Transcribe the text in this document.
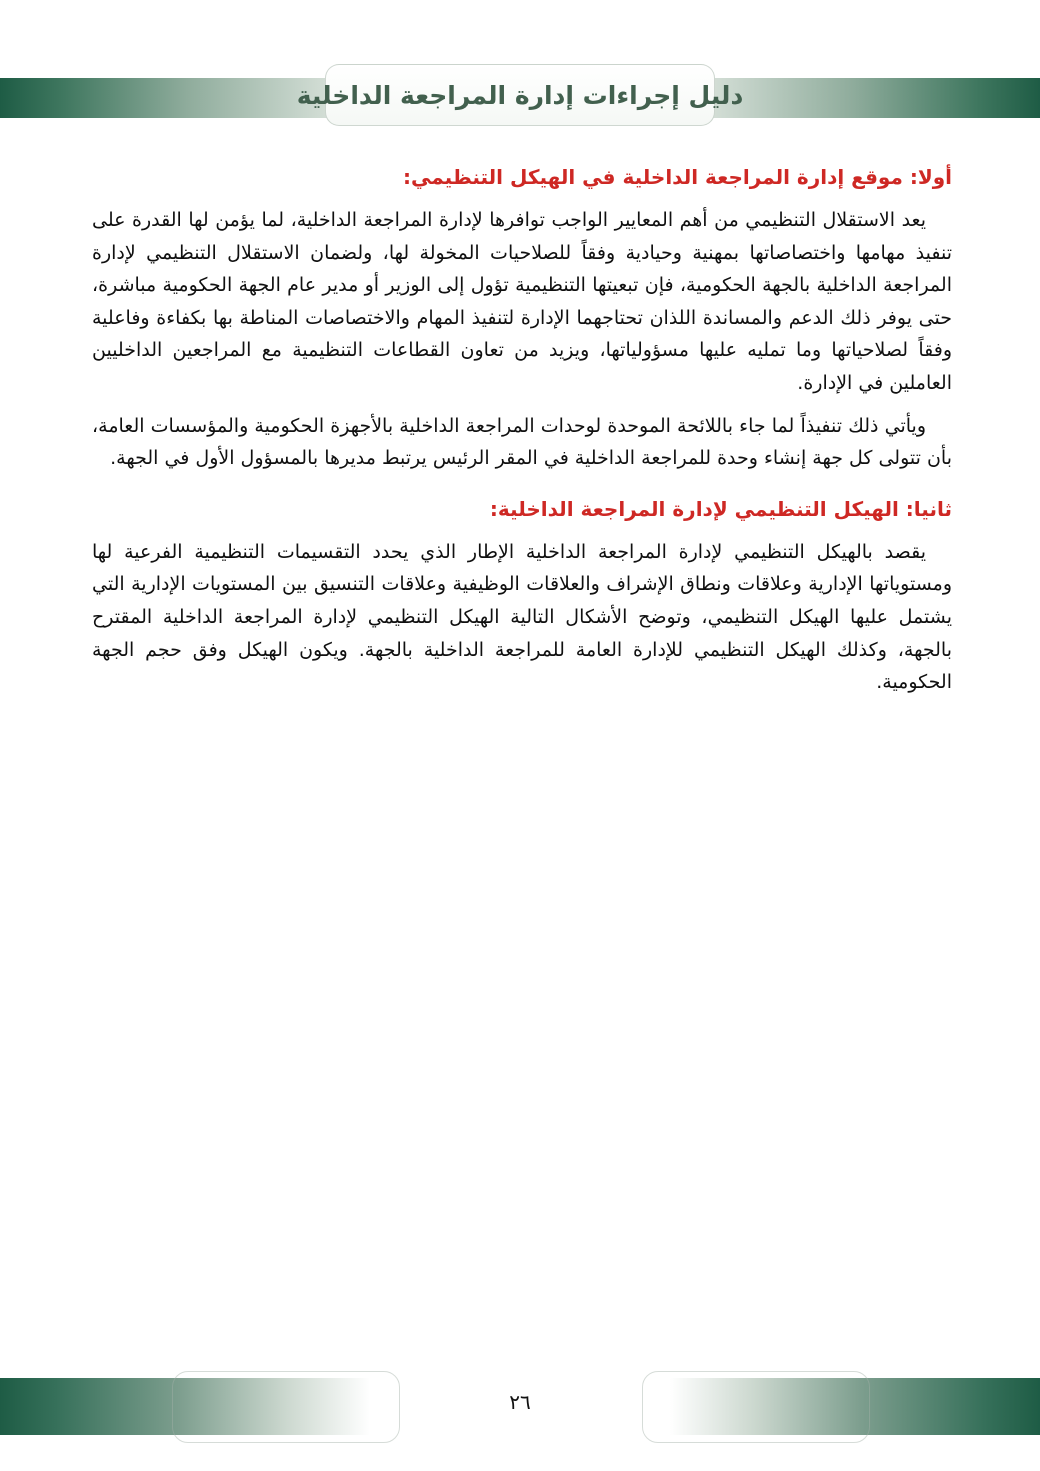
دليل إجراءات إدارة المراجعة الداخلية
أولا: موقع إدارة المراجعة الداخلية في الهيكل التنظيمي:

يعد الاستقلال التنظيمي من أهم المعايير الواجب توافرها لإدارة المراجعة الداخلية، لما يؤمن لها القدرة على تنفيذ مهامها واختصاصاتها بمهنية وحيادية وفقاً للصلاحيات المخولة لها، ولضمان الاستقلال التنظيمي لإدارة المراجعة الداخلية بالجهة الحكومية، فإن تبعيتها التنظيمية تؤول إلى الوزير أو مدير عام الجهة الحكومية مباشرة، حتى يوفر ذلك الدعم والمساندة اللذان تحتاجهما الإدارة لتنفيذ المهام والاختصاصات المناطة بها بكفاءة وفاعلية وفقاً لصلاحياتها وما تمليه عليها مسؤولياتها، ويزيد من تعاون القطاعات التنظيمية مع المراجعين الداخليين العاملين في الإدارة.

ويأتي ذلك تنفيذاً لما جاء باللائحة الموحدة لوحدات المراجعة الداخلية بالأجهزة الحكومية والمؤسسات العامة، بأن تتولى كل جهة إنشاء وحدة للمراجعة الداخلية في المقر الرئيس يرتبط مديرها بالمسؤول الأول في الجهة.

ثانيا: الهيكل التنظيمي لإدارة المراجعة الداخلية:

يقصد بالهيكل التنظيمي لإدارة المراجعة الداخلية الإطار الذي يحدد التقسيمات التنظيمية الفرعية لها ومستوياتها الإدارية وعلاقات ونطاق الإشراف والعلاقات الوظيفية وعلاقات التنسيق بين المستويات الإدارية التي يشتمل عليها الهيكل التنظيمي، وتوضح الأشكال التالية الهيكل التنظيمي لإدارة المراجعة الداخلية المقترح بالجهة، وكذلك الهيكل التنظيمي للإدارة العامة للمراجعة الداخلية بالجهة. ويكون الهيكل وفق حجم الجهة الحكومية.

٢٦
